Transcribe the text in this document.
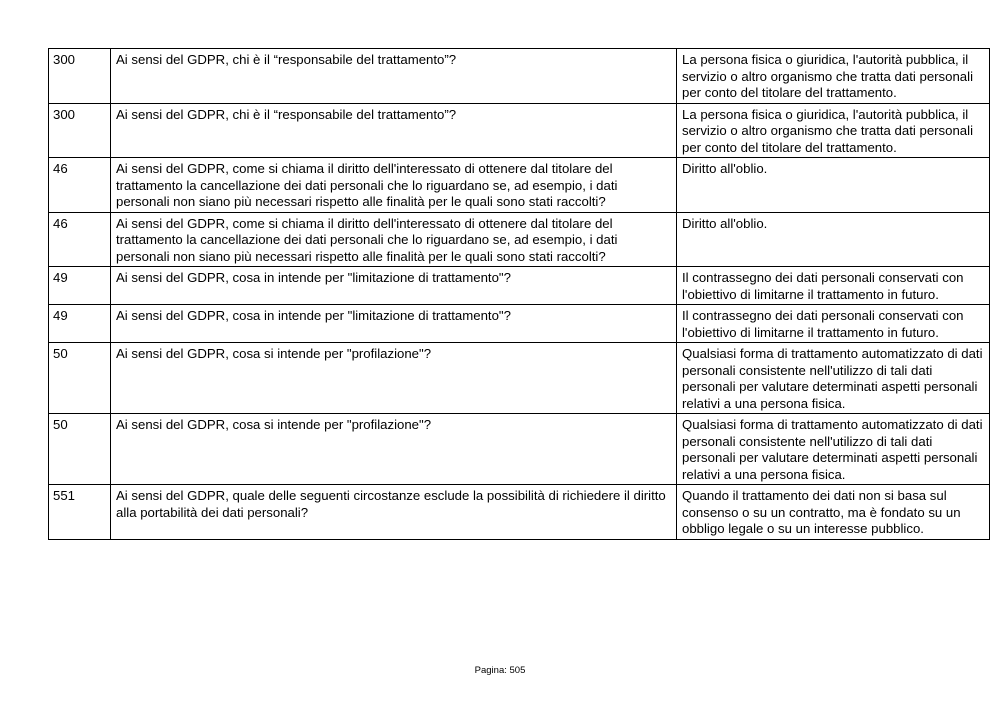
300	Ai sensi del GDPR, chi è il “responsabile del trattamento”?	La persona fisica o giuridica, l'autorità pubblica, il servizio o altro organismo che tratta dati personali per conto del titolare del trattamento.
300	Ai sensi del GDPR, chi è il “responsabile del trattamento”?	La persona fisica o giuridica, l'autorità pubblica, il servizio o altro organismo che tratta dati personali per conto del titolare del trattamento.
46	Ai sensi del GDPR, come si chiama il diritto dell'interessato di ottenere dal titolare del trattamento la cancellazione dei dati personali che lo riguardano se, ad esempio, i dati personali non siano più necessari rispetto alle finalità per le quali sono stati raccolti?	Diritto all'oblio.
46	Ai sensi del GDPR, come si chiama il diritto dell'interessato di ottenere dal titolare del trattamento la cancellazione dei dati personali che lo riguardano se, ad esempio, i dati personali non siano più necessari rispetto alle finalità per le quali sono stati raccolti?	Diritto all'oblio.
49	Ai sensi del GDPR, cosa in intende per "limitazione di trattamento"?	Il contrassegno dei dati personali conservati con l'obiettivo di limitarne il trattamento in futuro.
49	Ai sensi del GDPR, cosa in intende per "limitazione di trattamento"?	Il contrassegno dei dati personali conservati con l'obiettivo di limitarne il trattamento in futuro.
50	Ai sensi del GDPR, cosa si intende per "profilazione"?	Qualsiasi forma di trattamento automatizzato di dati personali consistente nell'utilizzo di tali dati personali per valutare determinati aspetti personali relativi a una persona fisica.
50	Ai sensi del GDPR, cosa si intende per "profilazione"?	Qualsiasi forma di trattamento automatizzato di dati personali consistente nell'utilizzo di tali dati personali per valutare determinati aspetti personali relativi a una persona fisica.
551	Ai sensi del GDPR, quale delle seguenti circostanze esclude la possibilità di richiedere il diritto alla portabilità dei dati personali?	Quando il trattamento dei dati non si basa sul consenso o su un contratto, ma è fondato su un obbligo legale o su un interesse pubblico.
Pagina: 505
